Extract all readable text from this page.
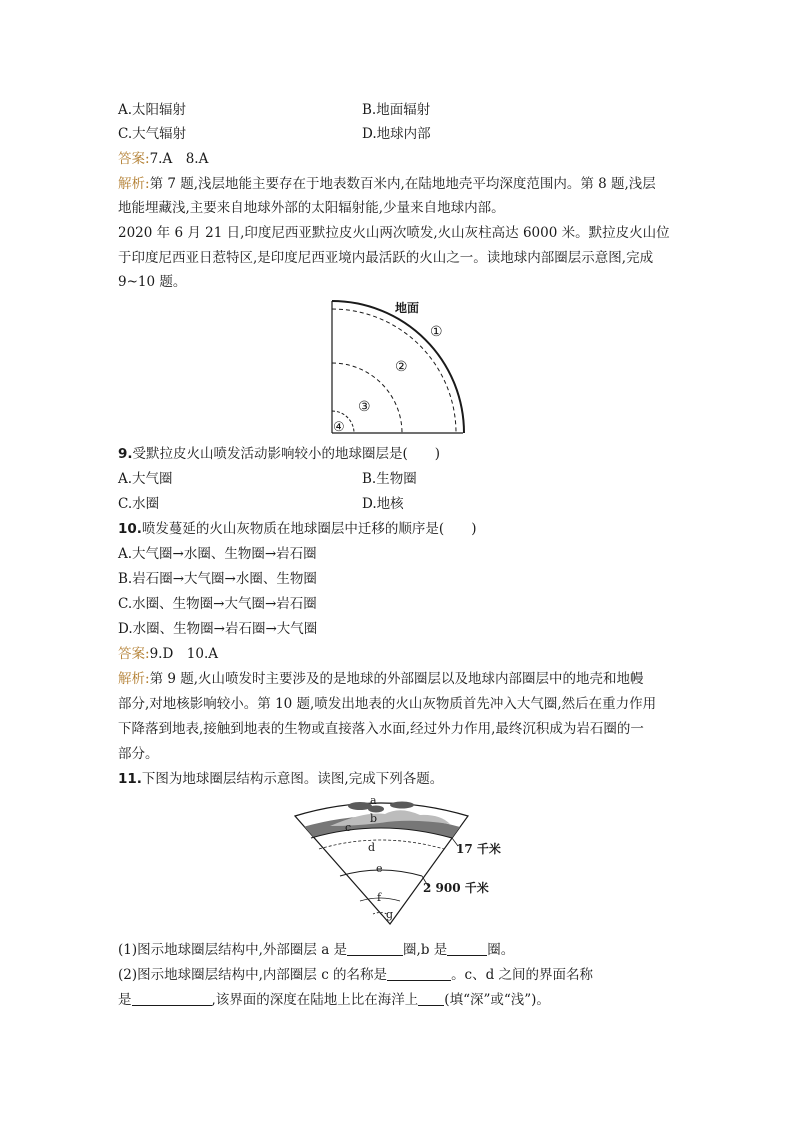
A.太阳辐射	B.地面辐射
C.大气辐射	D.地球内部
答案:7.A　8.A
解析:第 7 题,浅层地能主要存在于地表数百米内,在陆地地壳平均深度范围内。第 8 题,浅层
地能埋藏浅,主要来自地球外部的太阳辐射能,少量来自地球内部。
2020 年 6 月 21 日,印度尼西亚默拉皮火山两次喷发,火山灰柱高达 6000 米。默拉皮火山位
于印度尼西亚日惹特区,是印度尼西亚境内最活跃的火山之一。读地球内部圈层示意图,完成
9~10 题。
地面
①
②
③
④
9.受默拉皮火山喷发活动影响较小的地球圈层是(　　)
A.大气圈	B.生物圈
C.水圈	D.地核
10.喷发蔓延的火山灰物质在地球圈层中迁移的顺序是(　　)
A.大气圈→水圈、生物圈→岩石圈
B.岩石圈→大气圈→水圈、生物圈
C.水圈、生物圈→大气圈→岩石圈
D.水圈、生物圈→岩石圈→大气圈
答案:9.D　10.A
解析:第 9 题,火山喷发时主要涉及的是地球的外部圈层以及地球内部圈层中的地壳和地幔
部分,对地核影响较小。第 10 题,喷发出地表的火山灰物质首先冲入大气圈,然后在重力作用
下降落到地表,接触到地表的生物或直接落入水面,经过外力作用,最终沉积成为岩石圈的一
部分。
11.下图为地球圈层结构示意图。读图,完成下列各题。
a
b
c
d
e
f
g
17 千米
2 900 千米
(1)图示地球圈层结构中,外部圈层 a 是	圈,b 是	圈。
(2)图示地球圈层结构中,内部圈层 c 的名称是	。c、d 之间的界面名称
是	,该界面的深度在陆地上比在海洋上 (填“深”或“浅”)。
